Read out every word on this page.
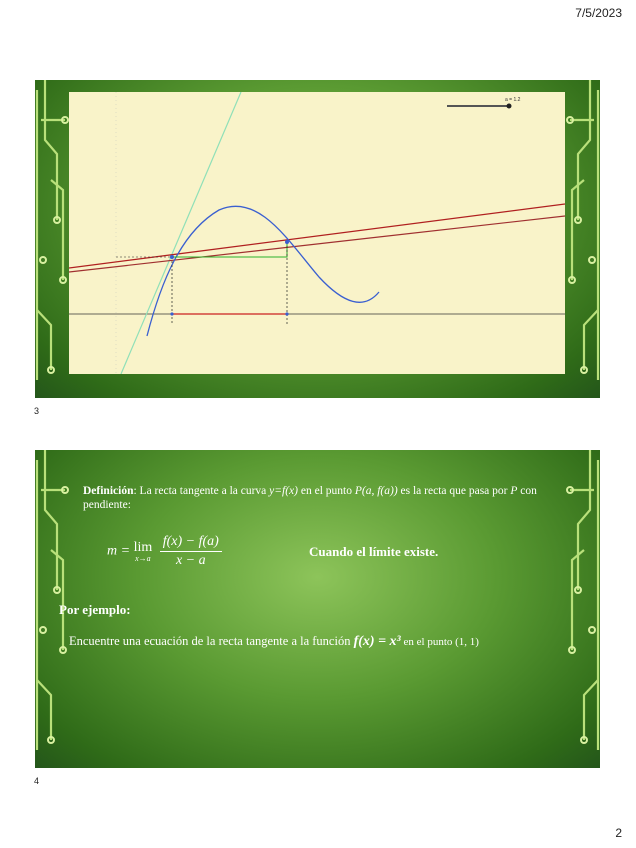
7/5/2023
a = 1.2
3
Definición: La recta tangente a la curva y=f(x) en el punto P(a, f(a)) es la recta que pasa por P con pendiente:
m = lim
x→a
$\frac{f(x) - f(a)}{x - a}$	Cuando el límite existe.
Por ejemplo:
Encuentre una ecuación de la recta tangente a la función f(x) = x³ en el punto (1, 1)
4
2
